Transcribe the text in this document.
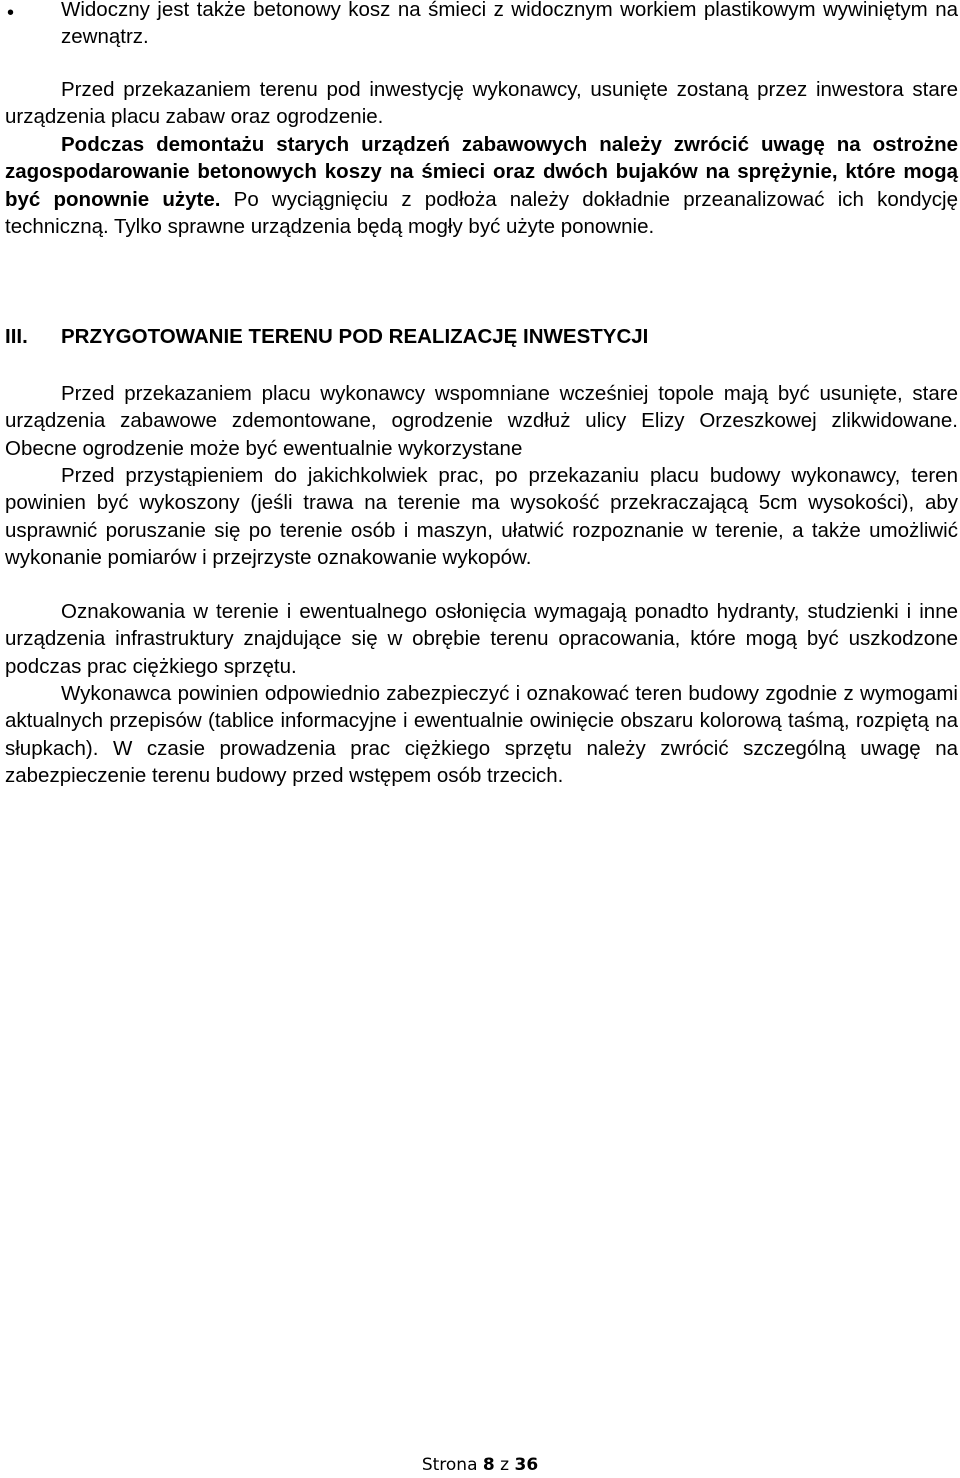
• Widoczny jest także betonowy kosz na śmieci z widocznym workiem plastikowym wywiniętym na zewnątrz.

Przed przekazaniem terenu pod inwestycję wykonawcy, usunięte zostaną przez inwestora stare urządzenia placu zabaw oraz ogrodzenie.

Podczas demontażu starych urządzeń zabawowych należy zwrócić uwagę na ostrożne zagospodarowanie betonowych koszy na śmieci oraz dwóch bujaków na sprężynie, które mogą być ponownie użyte. Po wyciągnięciu z podłoża należy dokładnie przeanalizować ich kondycję techniczną. Tylko sprawne urządzenia będą mogły być użyte ponownie.

III. PRZYGOTOWANIE TERENU POD REALIZACJĘ INWESTYCJI

Przed przekazaniem placu wykonawcy wspomniane wcześniej topole mają być usunięte, stare urządzenia zabawowe zdemontowane, ogrodzenie wzdłuż ulicy Elizy Orzeszkowej zlikwidowane. Obecne ogrodzenie może być ewentualnie wykorzystane

Przed przystąpieniem do jakichkolwiek prac, po przekazaniu placu budowy wykonawcy, teren powinien być wykoszony (jeśli trawa na terenie ma wysokość przekraczającą 5cm wysokości), aby usprawnić poruszanie się po terenie osób i maszyn, ułatwić rozpoznanie w terenie, a także umożliwić wykonanie pomiarów i przejrzyste oznakowanie wykopów.

Oznakowania w terenie i ewentualnego osłonięcia wymagają ponadto hydranty, studzienki i inne urządzenia infrastruktury znajdujące się w obrębie terenu opracowania, które mogą być uszkodzone podczas prac ciężkiego sprzętu.

Wykonawca powinien odpowiednio zabezpieczyć i oznakować teren budowy zgodnie z wymogami aktualnych przepisów (tablice informacyjne i ewentualnie owinięcie obszaru kolorową taśmą, rozpiętą na słupkach). W czasie prowadzenia prac ciężkiego sprzętu należy zwrócić szczególną uwagę na zabezpieczenie terenu budowy przed wstępem osób trzecich.

Strona 8 z 36
